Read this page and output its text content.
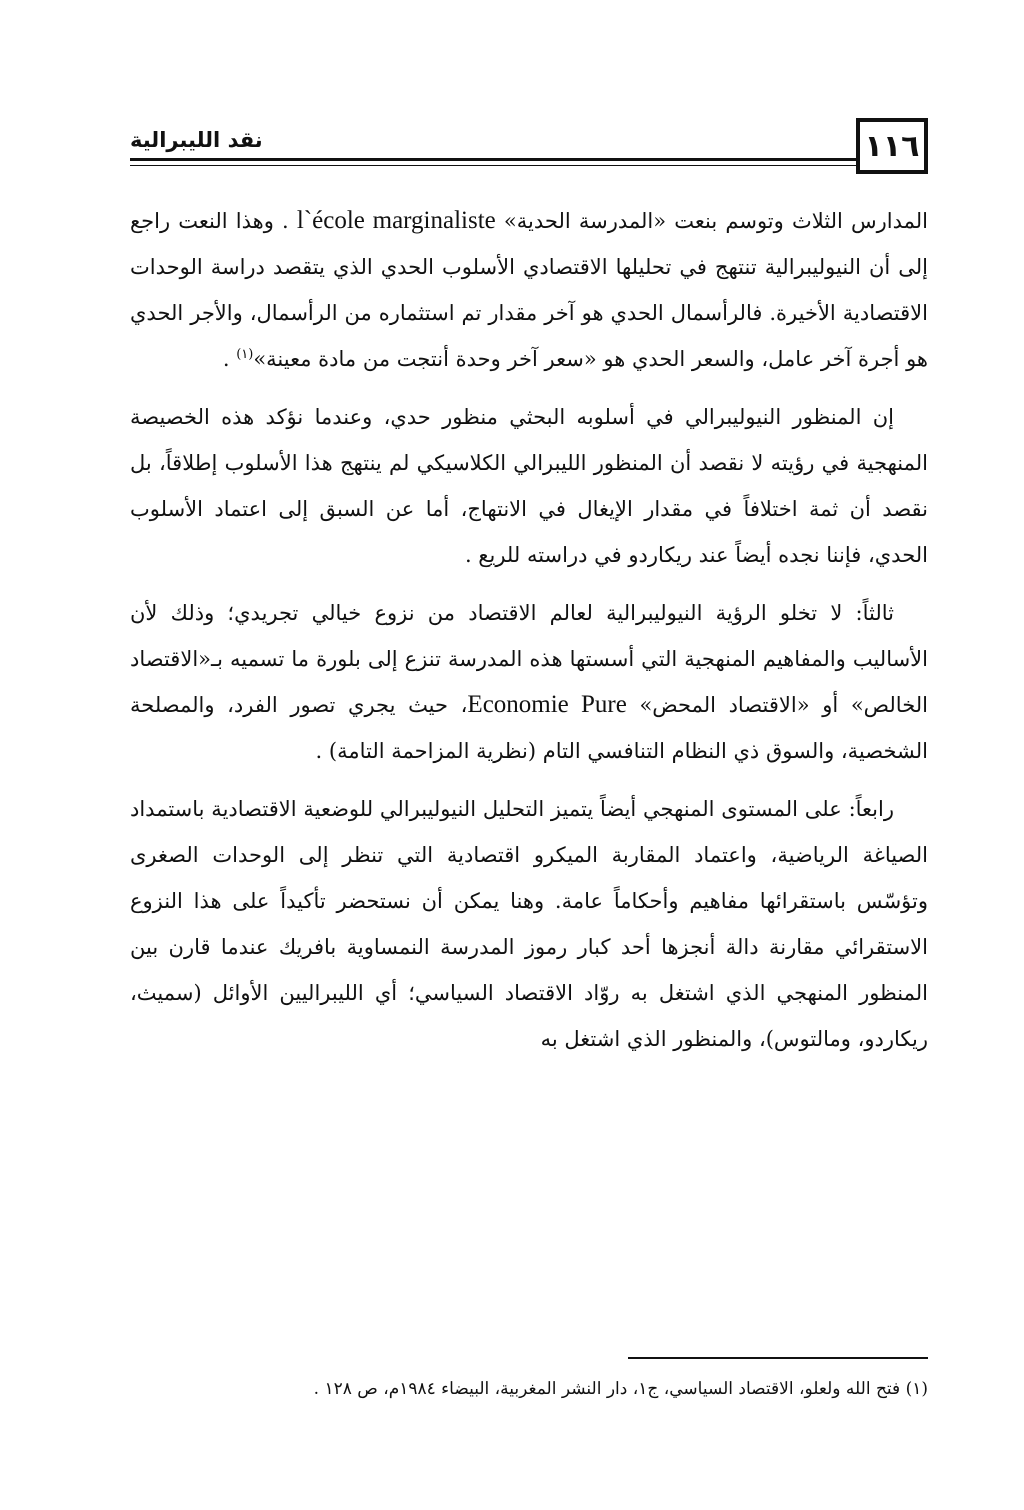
١١٦
نقد الليبرالية

المدارس الثلاث وتوسم بنعت «المدرسة الحدية» l`école marginaliste . وهذا النعت راجع إلى أن النيوليبرالية تنتهج في تحليلها الاقتصادي الأسلوب الحدي الذي يتقصد دراسة الوحدات الاقتصادية الأخيرة. فالرأسمال الحدي هو آخر مقدار تم استثماره من الرأسمال، والأجر الحدي هو أجرة آخر عامل، والسعر الحدي هو «سعر آخر وحدة أنتجت من مادة معينة»$^{(١)}$ .

إن المنظور النيوليبرالي في أسلوبه البحثي منظور حدي، وعندما نؤكد هذه الخصيصة المنهجية في رؤيته لا نقصد أن المنظور الليبرالي الكلاسيكي لم ينتهج هذا الأسلوب إطلاقاً، بل نقصد أن ثمة اختلافاً في مقدار الإيغال في الانتهاج، أما عن السبق إلى اعتماد الأسلوب الحدي، فإننا نجده أيضاً عند ريكاردو في دراسته للريع .

ثالثاً: لا تخلو الرؤية النيوليبرالية لعالم الاقتصاد من نزوع خيالي تجريدي؛ وذلك لأن الأساليب والمفاهيم المنهجية التي أسستها هذه المدرسة تنزع إلى بلورة ما تسميه بـ«الاقتصاد الخالص» أو «الاقتصاد المحض» Economie Pure، حيث يجري تصور الفرد، والمصلحة الشخصية، والسوق ذي النظام التنافسي التام (نظرية المزاحمة التامة) .

رابعاً: على المستوى المنهجي أيضاً يتميز التحليل النيوليبرالي للوضعية الاقتصادية باستمداد الصياغة الرياضية، واعتماد المقاربة الميكرو اقتصادية التي تنظر إلى الوحدات الصغرى وتؤسّس باستقرائها مفاهيم وأحكاماً عامة. وهنا يمكن أن نستحضر تأكيداً على هذا النزوع الاستقرائي مقارنة دالة أنجزها أحد كبار رموز المدرسة النمساوية بافريك عندما قارن بين المنظور المنهجي الذي اشتغل به روّاد الاقتصاد السياسي؛ أي الليبراليين الأوائل (سميث، ريكاردو، ومالتوس)، والمنظور الذي اشتغل به

(١) فتح الله ولعلو، الاقتصاد السياسي، ج١، دار النشر المغربية، البيضاء ١٩٨٤م، ص ١٢٨ .
